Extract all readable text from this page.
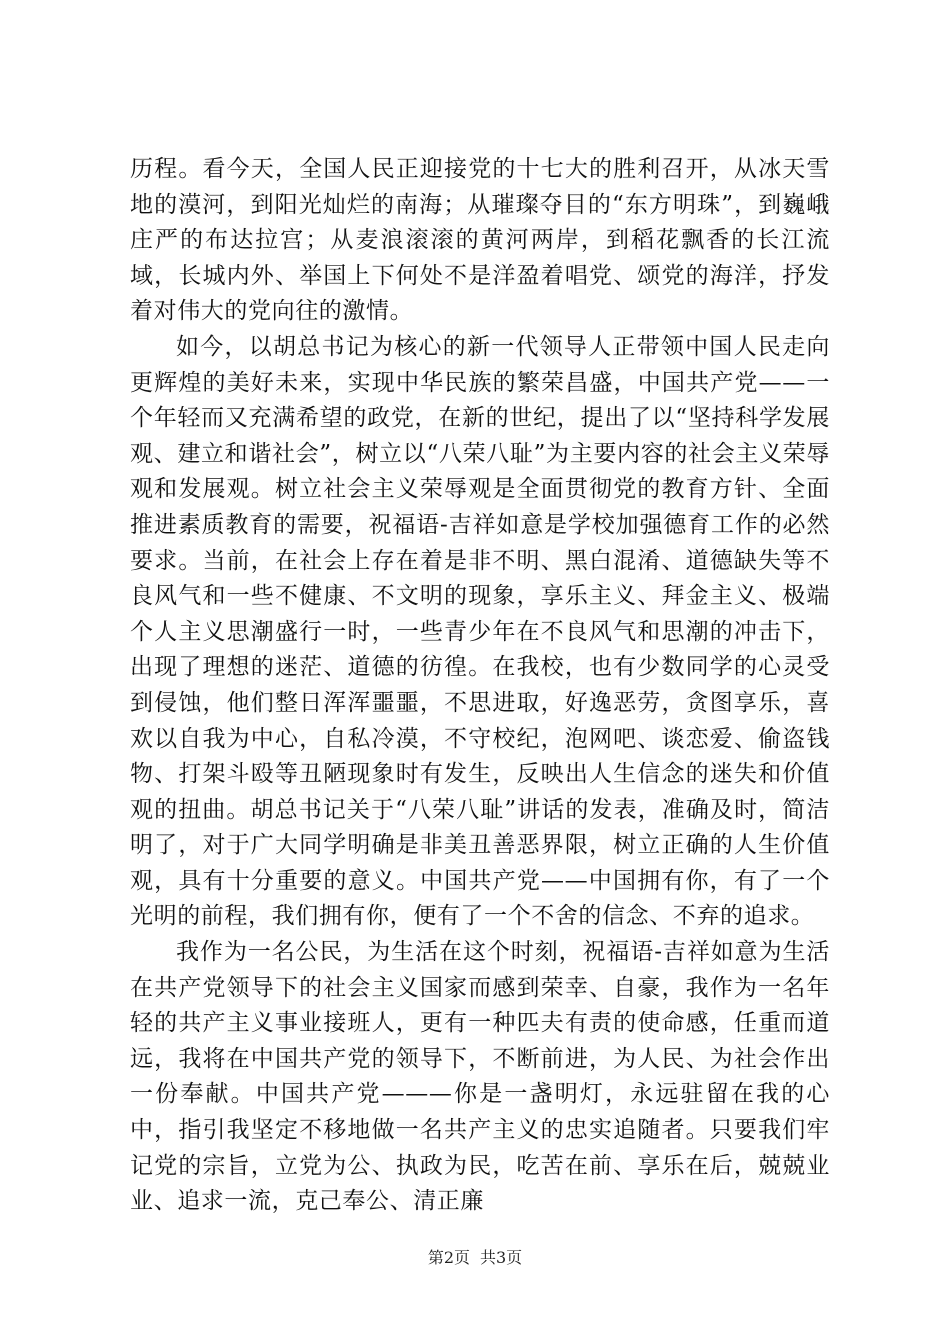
历程。看今天，全国人民正迎接党的十七大的胜利召开，从冰天雪地的漠河，到阳光灿烂的南海；从璀璨夺目的“东方明珠”，到巍峨庄严的布达拉宫；从麦浪滚滚的黄河两岸，到稻花飘香的长江流域，长城内外、举国上下何处不是洋盈着唱党、颂党的海洋，抒发着对伟大的党向往的激情。

如今，以胡总书记为核心的新一代领导人正带领中国人民走向更辉煌的美好未来，实现中华民族的繁荣昌盛，中国共产党——一个年轻而又充满希望的政党，在新的世纪，提出了以“坚持科学发展观、建立和谐社会”，树立以“八荣八耻”为主要内容的社会主义荣辱观和发展观。树立社会主义荣辱观是全面贯彻党的教育方针、全面推进素质教育的需要，祝福语-吉祥如意是学校加强德育工作的必然要求。当前，在社会上存在着是非不明、黑白混淆、道德缺失等不良风气和一些不健康、不文明的现象，享乐主义、拜金主义、极端个人主义思潮盛行一时，一些青少年在不良风气和思潮的冲击下，出现了理想的迷茫、道德的彷徨。在我校，也有少数同学的心灵受到侵蚀，他们整日浑浑噩噩，不思进取，好逸恶劳，贪图享乐，喜欢以自我为中心，自私冷漠，不守校纪，泡网吧、谈恋爱、偷盗钱物、打架斗殴等丑陋现象时有发生，反映出人生信念的迷失和价值观的扭曲。胡总书记关于“八荣八耻”讲话的发表，准确及时，简洁明了，对于广大同学明确是非美丑善恶界限，树立正确的人生价值观，具有十分重要的意义。中国共产党——中国拥有你，有了一个光明的前程，我们拥有你，便有了一个不舍的信念、不弃的追求。

我作为一名公民，为生活在这个时刻，祝福语-吉祥如意为生活在共产党领导下的社会主义国家而感到荣幸、自豪，我作为一名年轻的共产主义事业接班人，更有一种匹夫有责的使命感，任重而道远，我将在中国共产党的领导下，不断前进，为人民、为社会作出一份奉献。中国共产党———你是一盏明灯，永远驻留在我的心中，指引我坚定不移地做一名共产主义的忠实追随者。只要我们牢记党的宗旨，立党为公、执政为民，吃苦在前、享乐在后，兢兢业业、追求一流，克己奉公、清正廉

第2页 共3页
